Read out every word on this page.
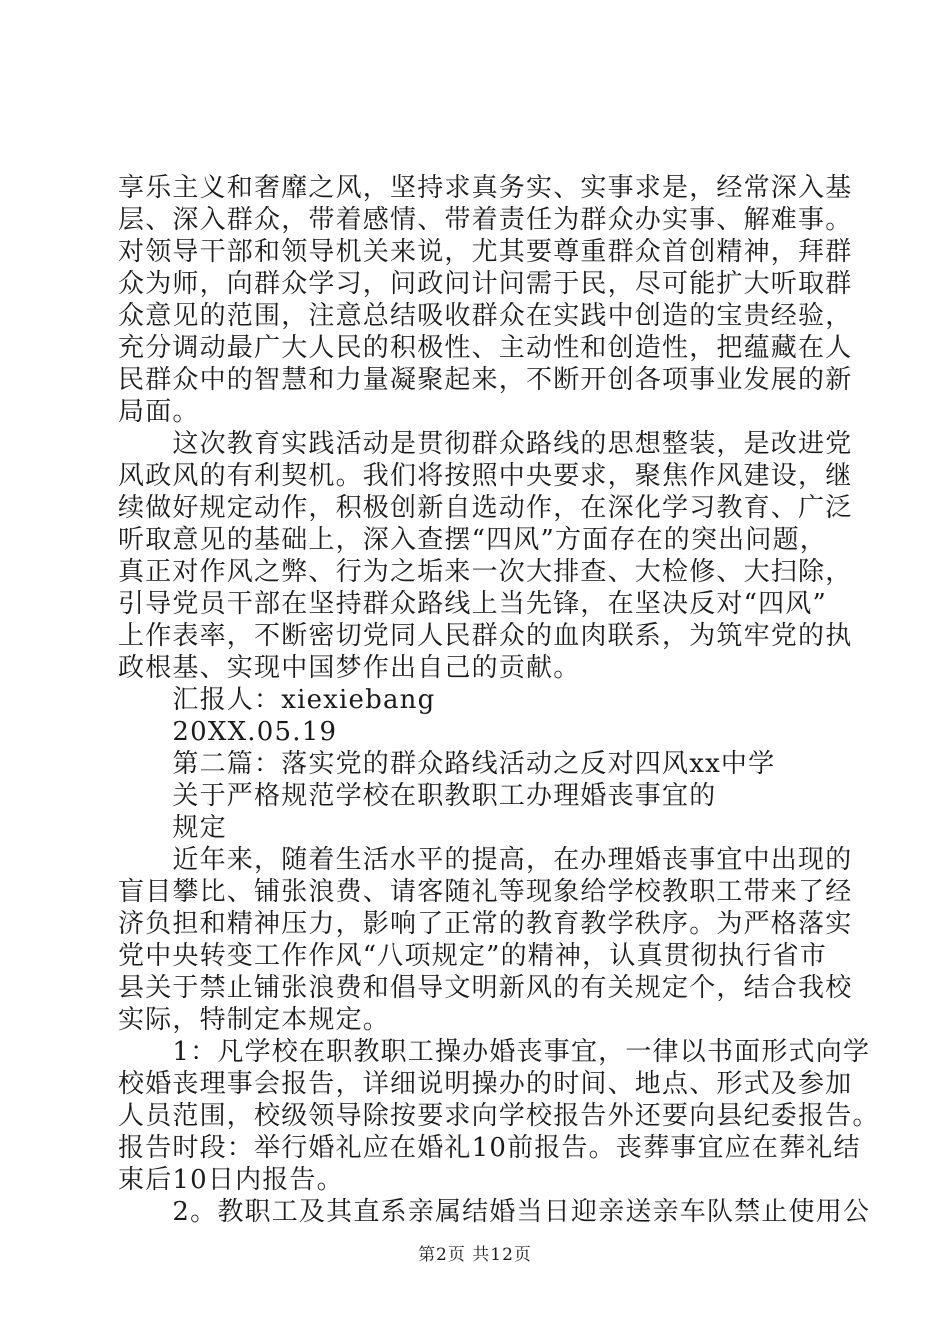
享乐主义和奢靡之风，坚持求真务实、实事求是，经常深入基
层、深入群众，带着感情、带着责任为群众办实事、解难事。
对领导干部和领导机关来说，尤其要尊重群众首创精神，拜群
众为师，向群众学习，问政问计问需于民，尽可能扩大听取群
众意见的范围，注意总结吸收群众在实践中创造的宝贵经验，
充分调动最广大人民的积极性、主动性和创造性，把蕴藏在人
民群众中的智慧和力量凝聚起来，不断开创各项事业发展的新
局面。
　　这次教育实践活动是贯彻群众路线的思想整装，是改进党
风政风的有利契机。我们将按照中央要求，聚焦作风建设，继
续做好规定动作，积极创新自选动作，在深化学习教育、广泛
听取意见的基础上，深入查摆“四风”方面存在的突出问题，
真正对作风之弊、行为之垢来一次大排查、大检修、大扫除，
引导党员干部在坚持群众路线上当先锋，在坚决反对“四风”
上作表率，不断密切党同人民群众的血肉联系，为筑牢党的执
政根基、实现中国梦作出自己的贡献。
　　汇报人：xiexiebang
　　20XX.05.19
　　第二篇：落实党的群众路线活动之反对四风xx中学
　　关于严格规范学校在职教职工办理婚丧事宜的
　　规定
　　近年来，随着生活水平的提高，在办理婚丧事宜中出现的
盲目攀比、铺张浪费、请客随礼等现象给学校教职工带来了经
济负担和精神压力，影响了正常的教育教学秩序。为严格落实
党中央转变工作作风“八项规定”的精神，认真贯彻执行省市
县关于禁止铺张浪费和倡导文明新风的有关规定个，结合我校
实际，特制定本规定。
　　1：凡学校在职教职工操办婚丧事宜，一律以书面形式向学
校婚丧理事会报告，详细说明操办的时间、地点、形式及参加
人员范围，校级领导除按要求向学校报告外还要向县纪委报告。
报告时段：举行婚礼应在婚礼10前报告。丧葬事宜应在葬礼结
束后10日内报告。
　　2。教职工及其直系亲属结婚当日迎亲送亲车队禁止使用公
第2页 共12页
